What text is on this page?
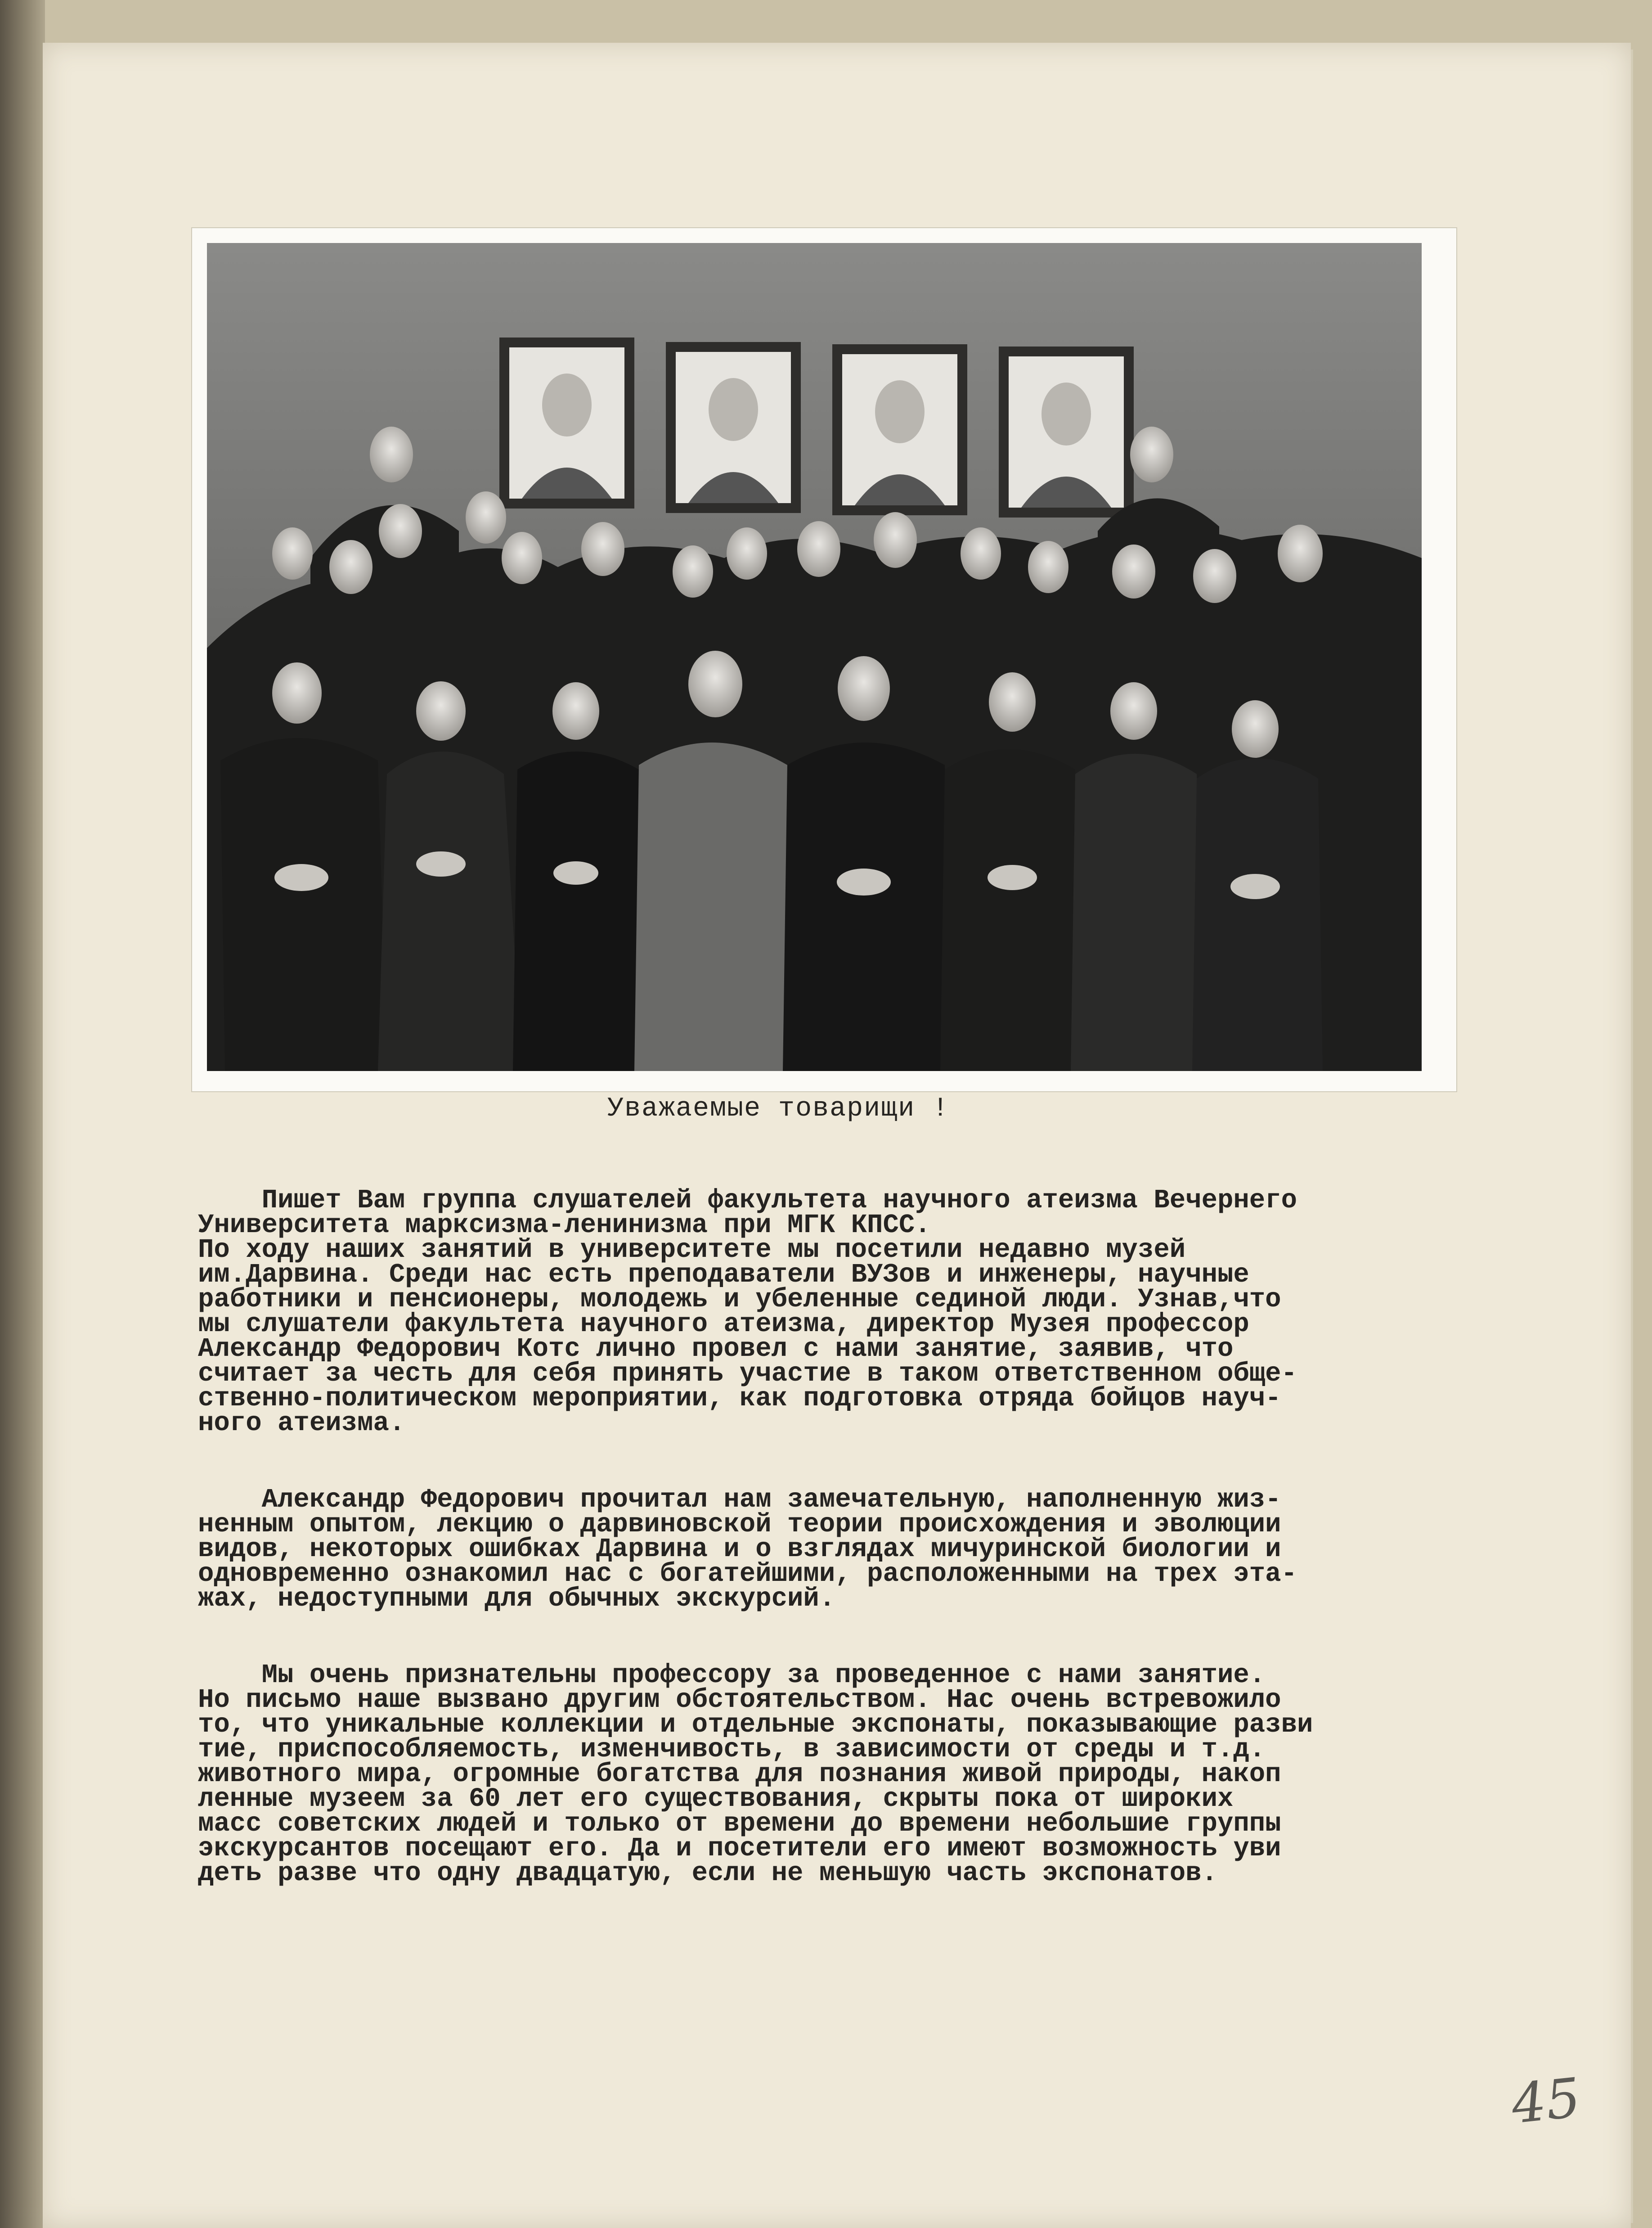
Уважаемые товарищи !
Пишет Вам группа слушателей факультета научного атеизма Вечернего
Университета марксизма-ленинизма при МГК КПСС.
По ходу наших занятий в университете мы посетили недавно музей
им.Дарвина. Среди нас есть преподаватели ВУЗов и инженеры, научные
работники и пенсионеры, молодежь и убеленные сединой люди. Узнав,что
мы слушатели факультета научного атеизма, директор Музея профессор
Александр Федорович Котс лично провел с нами занятие, заявив, что
считает за честь для себя принять участие в таком ответственном обще-
ственно-политическом мероприятии, как подготовка отряда бойцов науч-
ного атеизма.
Александр Федорович прочитал нам замечательную, наполненную жиз-
ненным опытом, лекцию о дарвиновской теории происхождения и эволюции
видов, некоторых ошибках Дарвина и о взглядах мичуринской биологии и
одновременно ознакомил нас с богатейшими, расположенными на трех эта-
жах, недоступными для обычных экскурсий.
Мы очень признательны профессору за проведенное с нами занятие.
Но письмо наше вызвано другим обстоятельством. Нас очень встревожило
то, что уникальные коллекции и отдельные экспонаты, показывающие разви
тие, приспособляемость, изменчивость, в зависимости от среды и т.д.
животного мира, огромные богатства для познания живой природы, накоп
ленные музеем за 60 лет его существования, скрыты пока от широких
масс советских людей и только от времени до времени небольшие группы
экскурсантов посещают его. Да и посетители его имеют возможность уви
деть разве что одну двадцатую, если не меньшую часть экспонатов.
45
